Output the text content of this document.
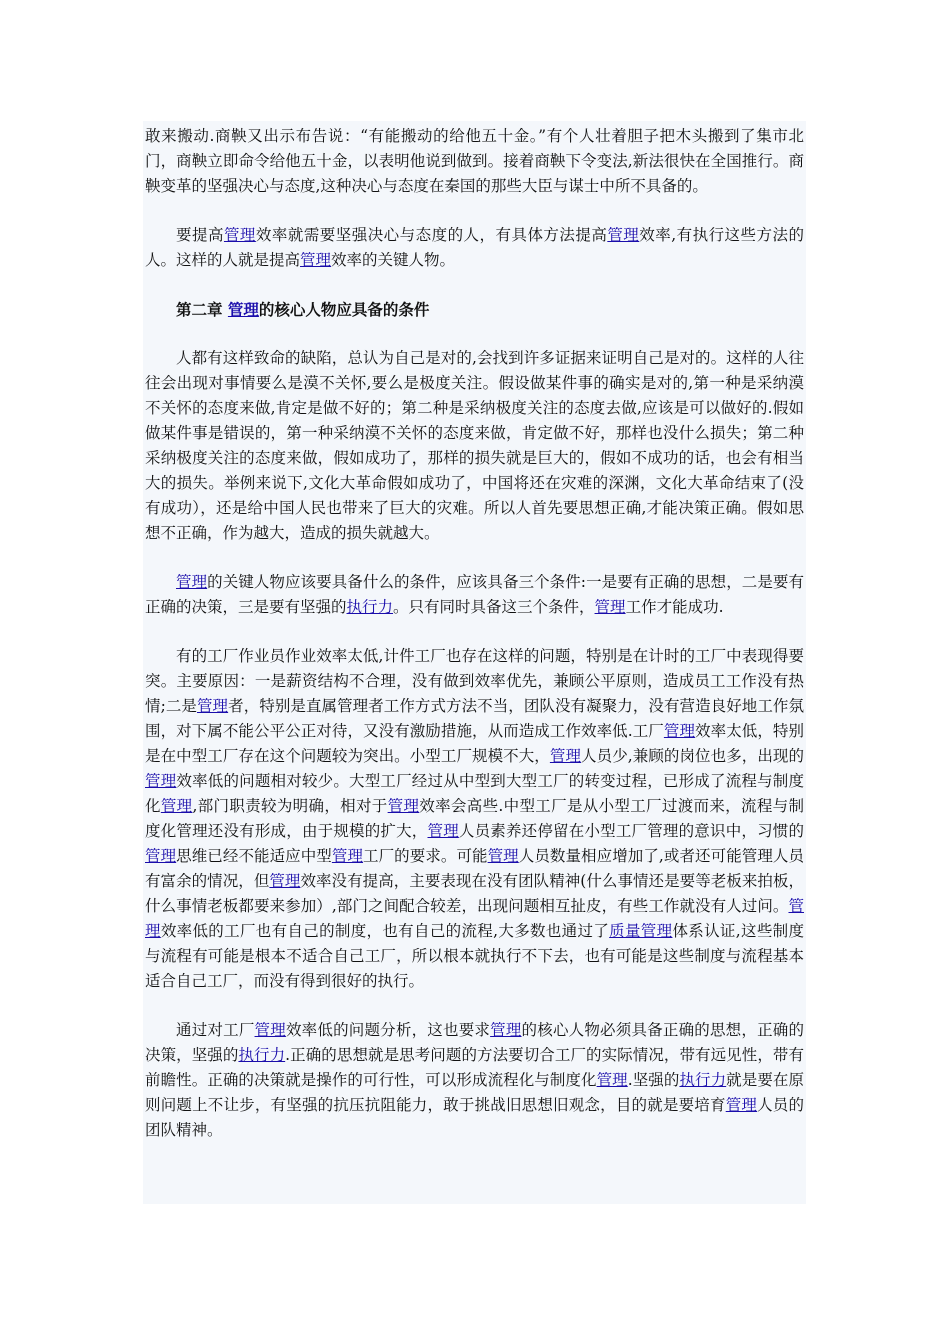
敢来搬动.商鞅又出示布告说：“有能搬动的给他五十金。”有个人壮着胆子把木头搬到了集市北门，商鞅立即命令给他五十金，以表明他说到做到。接着商鞅下令变法,新法很快在全国推行。商鞅变革的坚强决心与态度,这种决心与态度在秦国的那些大臣与谋士中所不具备的。

要提高管理效率就需要坚强决心与态度的人，有具体方法提高管理效率,有执行这些方法的人。这样的人就是提高管理效率的关键人物。

第二章 管理的核心人物应具备的条件

人都有这样致命的缺陷，总认为自己是对的,会找到许多证据来证明自己是对的。这样的人往往会出现对事情要么是漠不关怀,要么是极度关注。假设做某件事的确实是对的,第一种是采纳漠不关怀的态度来做,肯定是做不好的；第二种是采纳极度关注的态度去做,应该是可以做好的.假如做某件事是错误的，第一种采纳漠不关怀的态度来做，肯定做不好，那样也没什么损失；第二种采纳极度关注的态度来做，假如成功了，那样的损失就是巨大的，假如不成功的话，也会有相当大的损失。举例来说下,文化大革命假如成功了，中国将还在灾难的深渊，文化大革命结束了(没有成功），还是给中国人民也带来了巨大的灾难。所以人首先要思想正确,才能决策正确。假如思想不正确，作为越大，造成的损失就越大。

管理的关键人物应该要具备什么的条件，应该具备三个条件:一是要有正确的思想，二是要有正确的决策，三是要有坚强的执行力。只有同时具备这三个条件，管理工作才能成功.

有的工厂作业员作业效率太低,计件工厂也存在这样的问题，特别是在计时的工厂中表现得要突。主要原因：一是薪资结构不合理，没有做到效率优先，兼顾公平原则，造成员工工作没有热情;二是管理者，特别是直属管理者工作方式方法不当，团队没有凝聚力，没有营造良好地工作氛围，对下属不能公平公正对待，又没有激励措施，从而造成工作效率低.工厂管理效率太低，特别是在中型工厂存在这个问题较为突出。小型工厂规模不大，管理人员少,兼顾的岗位也多，出现的管理效率低的问题相对较少。大型工厂经过从中型到大型工厂的转变过程，已形成了流程与制度化管理,部门职责较为明确，相对于管理效率会高些.中型工厂是从小型工厂过渡而来，流程与制度化管理还没有形成，由于规模的扩大，管理人员素养还停留在小型工厂管理的意识中，习惯的管理思维已经不能适应中型管理工厂的要求。可能管理人员数量相应增加了,或者还可能管理人员有富余的情况，但管理效率没有提高，主要表现在没有团队精神(什么事情还是要等老板来拍板，什么事情老板都要来参加）,部门之间配合较差，出现问题相互扯皮，有些工作就没有人过问。管理效率低的工厂也有自己的制度，也有自己的流程,大多数也通过了质量管理体系认证,这些制度与流程有可能是根本不适合自己工厂，所以根本就执行不下去，也有可能是这些制度与流程基本适合自己工厂，而没有得到很好的执行。

通过对工厂管理效率低的问题分析，这也要求管理的核心人物必须具备正确的思想，正确的决策，坚强的执行力.正确的思想就是思考问题的方法要切合工厂的实际情况，带有远见性，带有前瞻性。正确的决策就是操作的可行性，可以形成流程化与制度化管理.坚强的执行力就是要在原则问题上不让步，有坚强的抗压抗阻能力，敢于挑战旧思想旧观念，目的就是要培育管理人员的团队精神。
